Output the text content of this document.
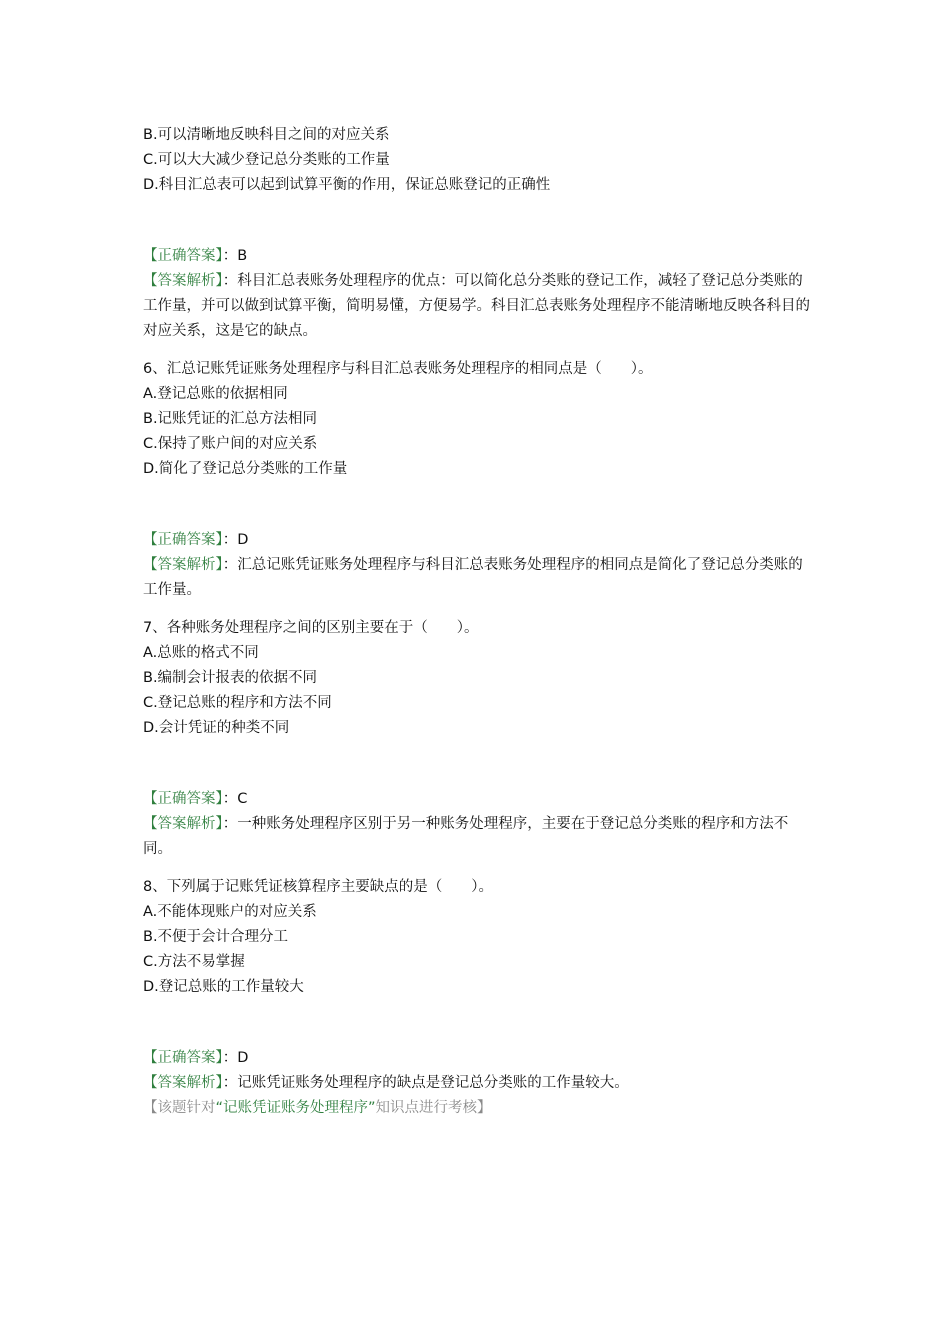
B.可以清晰地反映科目之间的对应关系

C.可以大大减少登记总分类账的工作量

D.科目汇总表可以起到试算平衡的作用，保证总账登记的正确性

【正确答案】：B

【答案解析】：科目汇总表账务处理程序的优点：可以简化总分类账的登记工作，减轻了登记总分类账的工作量，并可以做到试算平衡，简明易懂，方便易学。科目汇总表账务处理程序不能清晰地反映各科目的对应关系，这是它的缺点。

6、汇总记账凭证账务处理程序与科目汇总表账务处理程序的相同点是（　　）。

A.登记总账的依据相同

B.记账凭证的汇总方法相同

C.保持了账户间的对应关系

D.简化了登记总分类账的工作量

【正确答案】：D

【答案解析】：汇总记账凭证账务处理程序与科目汇总表账务处理程序的相同点是简化了登记总分类账的工作量。

7、各种账务处理程序之间的区别主要在于（　　）。

A.总账的格式不同

B.编制会计报表的依据不同

C.登记总账的程序和方法不同

D.会计凭证的种类不同

【正确答案】：C

【答案解析】：一种账务处理程序区别于另一种账务处理程序，主要在于登记总分类账的程序和方法不同。

8、下列属于记账凭证核算程序主要缺点的是（　　）。

A.不能体现账户的对应关系

B.不便于会计合理分工

C.方法不易掌握

D.登记总账的工作量较大

【正确答案】：D

【答案解析】：记账凭证账务处理程序的缺点是登记总分类账的工作量较大。

【该题针对“记账凭证账务处理程序”知识点进行考核】
